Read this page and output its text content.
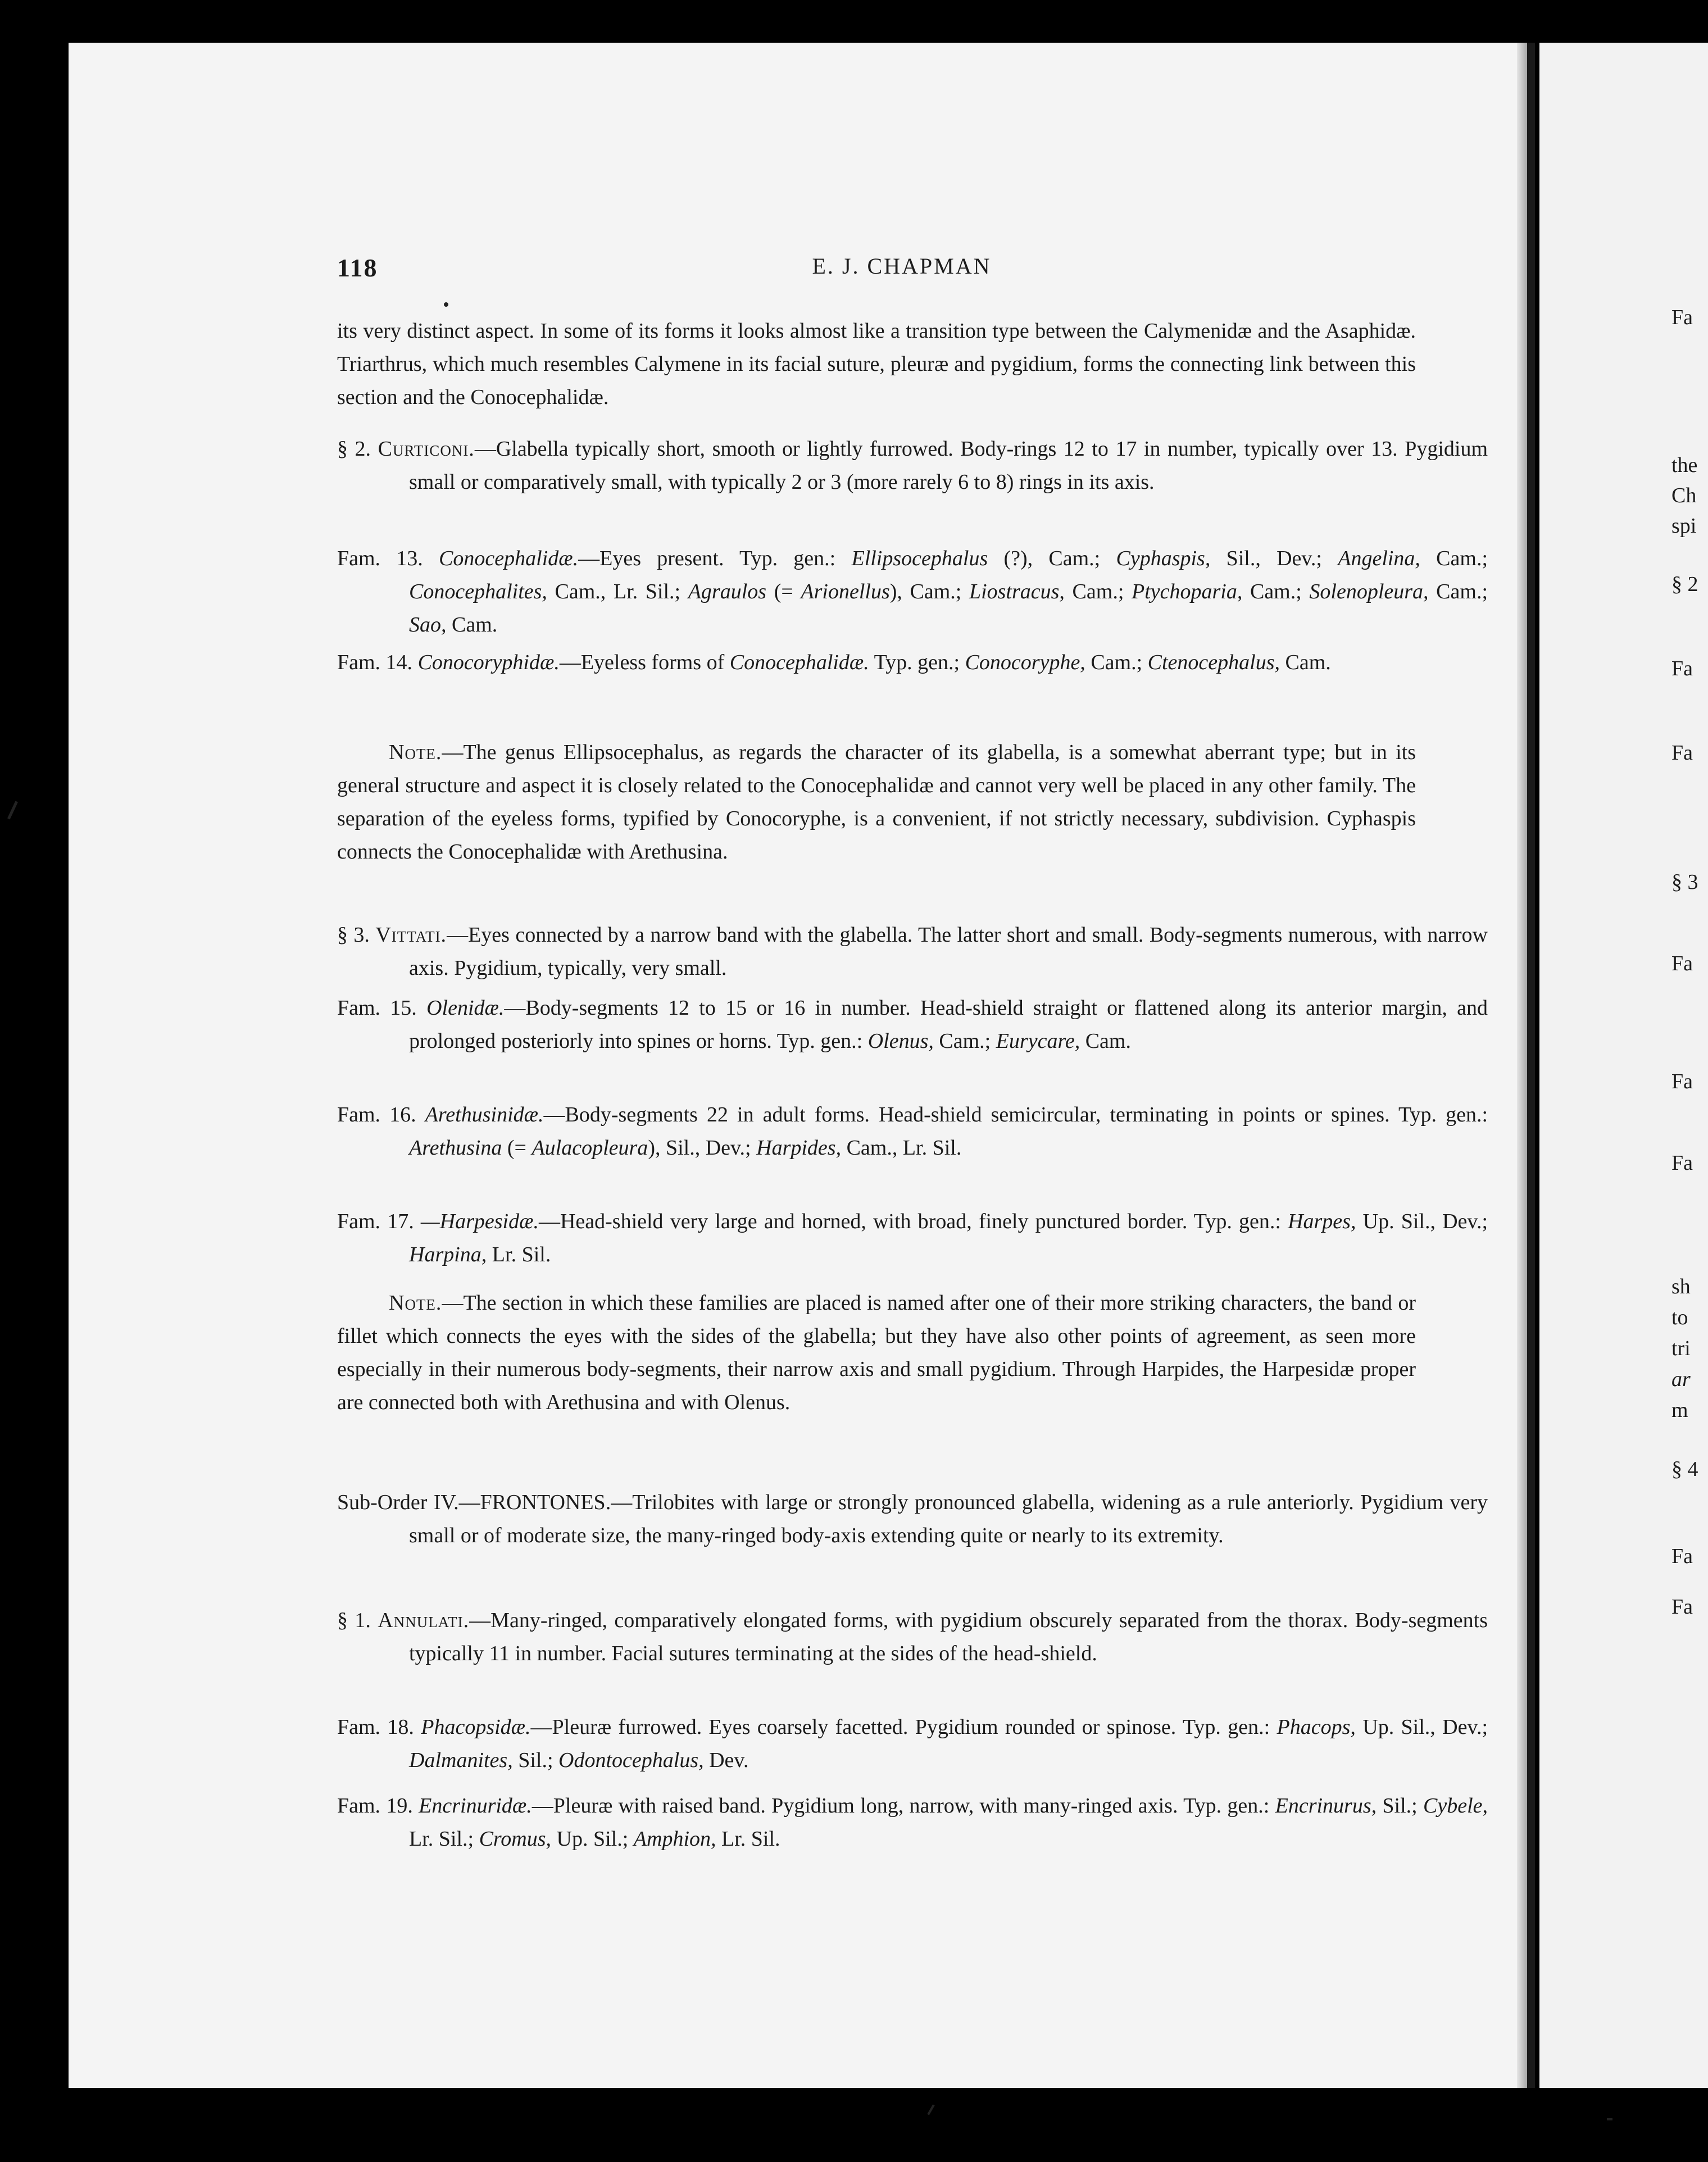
118	E. J. CHAPMAN
its very distinct aspect. In some of its forms it looks almost like a transition type between the Calymenidæ and the Asaphidæ. Triarthrus, which much resembles Calymene in its facial suture, pleuræ and pygidium, forms the connecting link between this section and the Conocephalidæ.
§ 2. Curticoni.—Glabella typically short, smooth or lightly furrowed. Body-rings 12 to 17 in number, typically over 13. Pygidium small or comparatively small, with typically 2 or 3 (more rarely 6 to 8) rings in its axis.
Fam. 13. Conocephalidæ.—Eyes present. Typ. gen.: Ellipsocephalus (?), Cam.; Cyphaspis, Sil., Dev.; Angelina, Cam.; Conocephalites, Cam., Lr. Sil.; Agraulos (= Arionellus), Cam.; Liostracus, Cam.; Ptychoparia, Cam.; Solenopleura, Cam.; Sao, Cam.
Fam. 14. Conocoryphidæ.—Eyeless forms of Conocephalidæ. Typ. gen.; Conocoryphe, Cam.; Ctenocephalus, Cam.
Note.—The genus Ellipsocephalus, as regards the character of its glabella, is a somewhat aberrant type; but in its general structure and aspect it is closely related to the Conocephalidæ and cannot very well be placed in any other family. The separation of the eyeless forms, typified by Conocoryphe, is a convenient, if not strictly necessary, subdivision. Cyphaspis connects the Conocephalidæ with Arethusina.
§ 3. Vittati.—Eyes connected by a narrow band with the glabella. The latter short and small. Body-segments numerous, with narrow axis. Pygidium, typically, very small.
Fam. 15. Olenidæ.—Body-segments 12 to 15 or 16 in number. Head-shield straight or flattened along its anterior margin, and prolonged posteriorly into spines or horns. Typ. gen.: Olenus, Cam.; Eurycare, Cam.
Fam. 16. Arethusinidæ.—Body-segments 22 in adult forms. Head-shield semicircular, terminating in points or spines. Typ. gen.: Arethusina (= Aulacopleura), Sil., Dev.; Harpides, Cam., Lr. Sil.
Fam. 17. —Harpesidæ.—Head-shield very large and horned, with broad, finely punctured border. Typ. gen.: Harpes, Up. Sil., Dev.; Harpina, Lr. Sil.
Note.—The section in which these families are placed is named after one of their more striking characters, the band or fillet which connects the eyes with the sides of the glabella; but they have also other points of agreement, as seen more especially in their numerous body-segments, their narrow axis and small pygidium. Through Harpides, the Harpesidæ proper are connected both with Arethusina and with Olenus.
Sub-Order IV.—FRONTONES.—Trilobites with large or strongly pronounced glabella, widening as a rule anteriorly. Pygidium very small or of moderate size, the many-ringed body-axis extending quite or nearly to its extremity.
§ 1. Annulati.—Many-ringed, comparatively elongated forms, with pygidium obscurely separated from the thorax. Body-segments typically 11 in number. Facial sutures terminating at the sides of the head-shield.
Fam. 18. Phacopsidæ.—Pleuræ furrowed. Eyes coarsely facetted. Pygidium rounded or spinose. Typ. gen.: Phacops, Up. Sil., Dev.; Dalmanites, Sil.; Odontocephalus, Dev.
Fam. 19. Encrinuridæ.—Pleuræ with raised band. Pygidium long, narrow, with many-ringed axis. Typ. gen.: Encrinurus, Sil.; Cybele, Lr. Sil.; Cromus, Up. Sil.; Amphion, Lr. Sil.
Fa
the
Ch
spi
§ 2
Fa
Fa
§ 3
Fa
Fa
Fa
sh
to
tri
ar
m
§ 4
Fa
Fa
